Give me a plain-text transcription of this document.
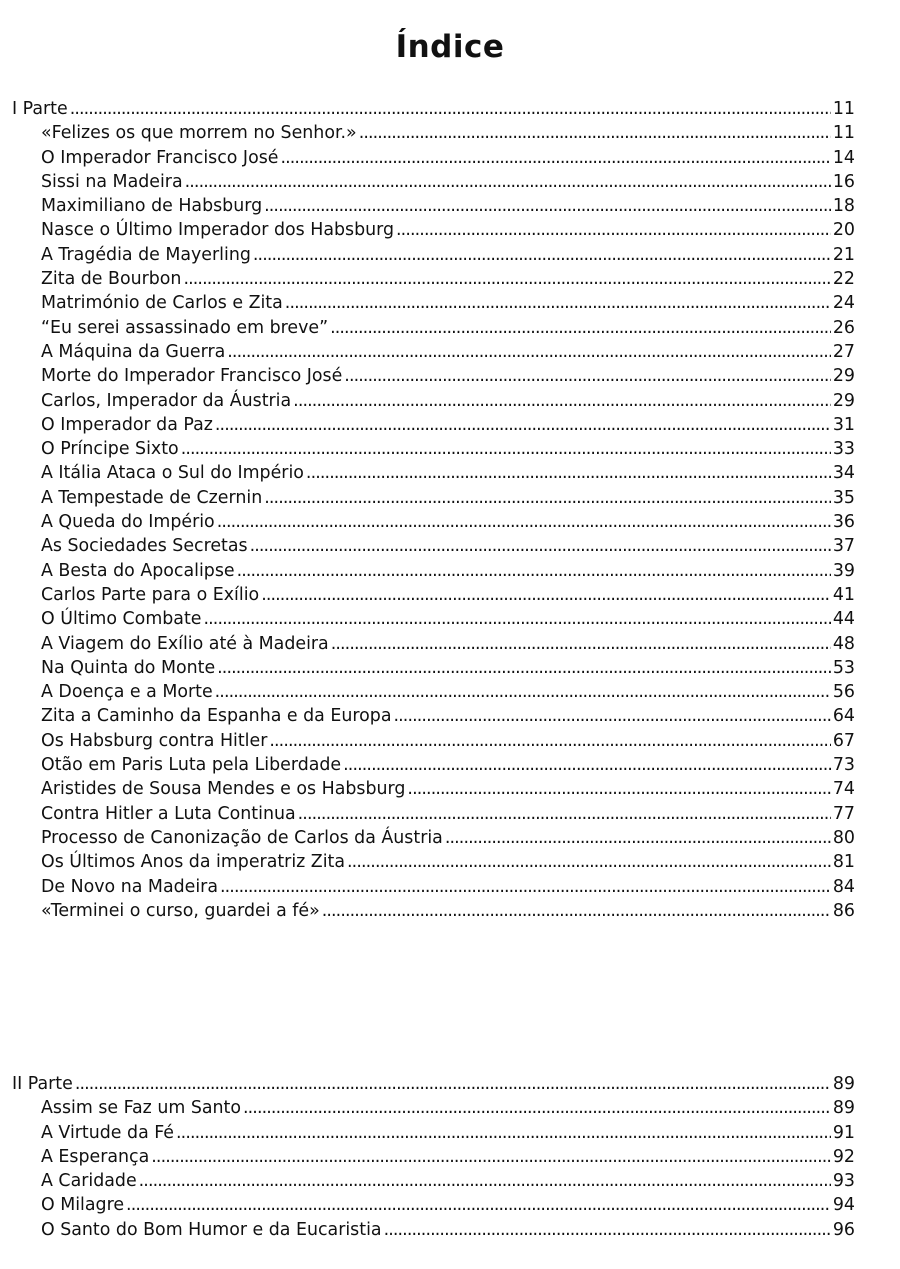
Índice
I Parte . . .	11
«Felizes os que morrem no Senhor.» . . .	11
O Imperador Francisco José . . .	14
Sissi na Madeira . . .	16
Maximiliano de Habsburg . . .	18
Nasce o Último Imperador dos Habsburg . . .	20
A Tragédia de Mayerling . . .	21
Zita de Bourbon . . .	22
Matrimónio de Carlos e Zita . . .	24
“Eu serei assassinado em breve” . . .	26
A Máquina da Guerra . . .	27
Morte do Imperador Francisco José . . .	29
Carlos, Imperador da Áustria . . .	29
O Imperador da Paz . . .	31
O Príncipe Sixto . . .	33
A Itália Ataca o Sul do Império . . .	34
A Tempestade de Czernin . . .	35
A Queda do Império . . .	36
As Sociedades Secretas . . .	37
A Besta do Apocalipse . . .	39
Carlos Parte para o Exílio . . .	41
O Último Combate . . .	44
A Viagem do Exílio até à Madeira . . .	48
Na Quinta do Monte . . .	53
A Doença e a Morte . . .	56
Zita a Caminho da Espanha e da Europa . . .	64
Os Habsburg contra Hitler . . .	67
Otão em Paris Luta pela Liberdade . . .	73
Aristides de Sousa Mendes e os Habsburg . . .	74
Contra Hitler a Luta Continua . . .	77
Processo de Canonização de Carlos da Áustria . . .	80
Os Últimos Anos da imperatriz Zita . . .	81
De Novo na Madeira . . .	84
«Terminei o curso, guardei a fé» . . .	86
II Parte . . .	89
Assim se Faz um Santo . . .	89
A Virtude da Fé . . .	91
A Esperança . . .	92
A Caridade . . .	93
O Milagre . . .	94
O Santo do Bom Humor e da Eucaristia . . .	96
